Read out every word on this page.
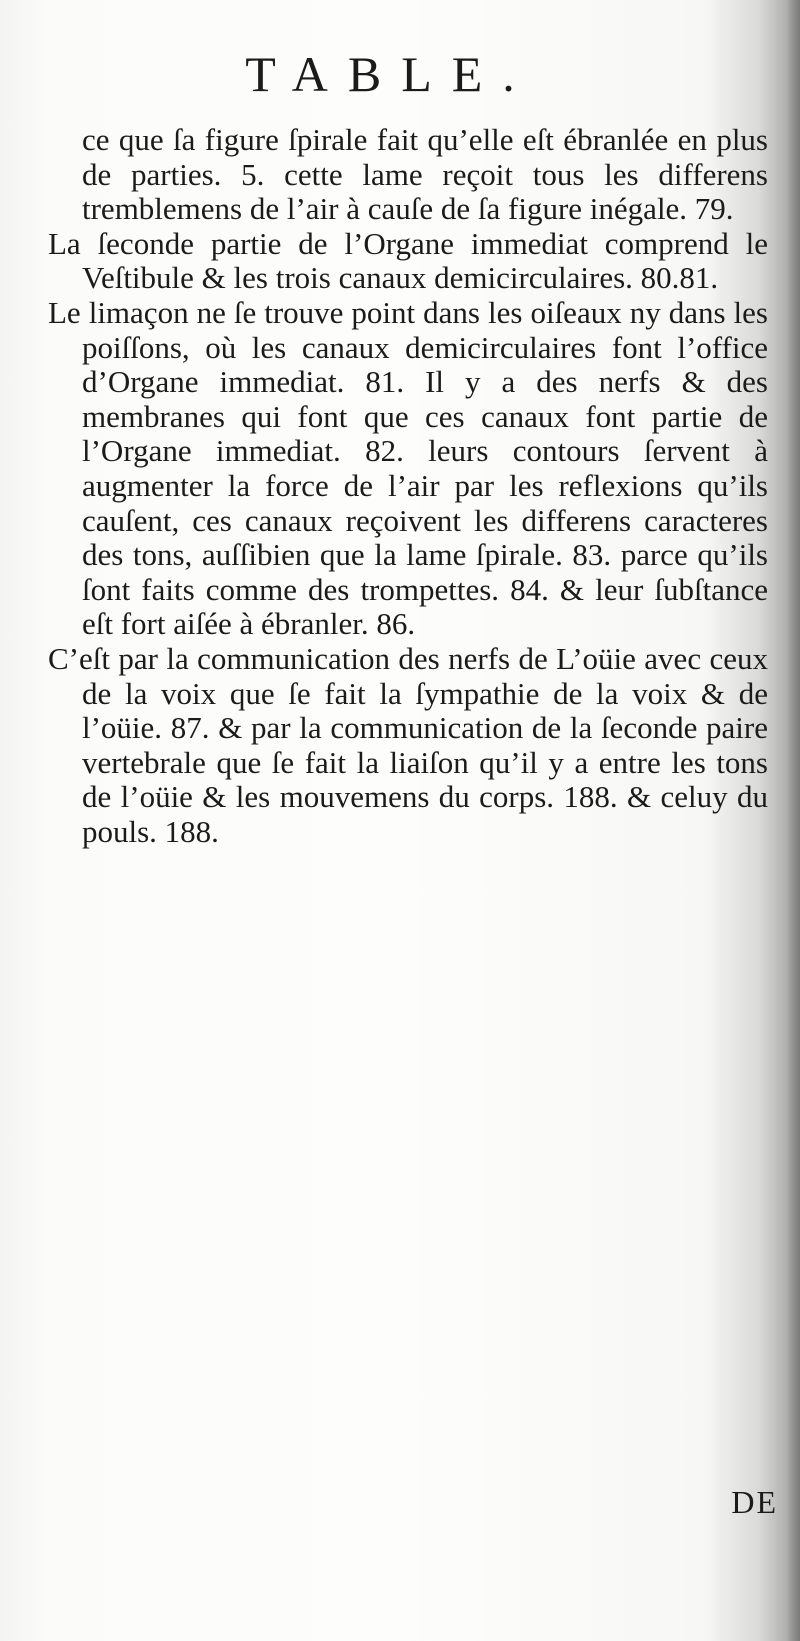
TABLE.

ce que ſa figure ſpirale fait qu’elle eſt ébranlée en plus de parties. 5. cette lame reçoit tous les differens tremblemens de l’air à cauſe de ſa figure inégale. 79.

La ſeconde partie de l’Organe immediat comprend le Veſtibule & les trois canaux demicirculaires. 80.81.

Le limaçon ne ſe trouve point dans les oiſeaux ny dans les poiſſons, où les canaux demicirculaires font l’office d’Organe immediat. 81. Il y a des nerfs & des membranes qui font que ces canaux font partie de l’Organe immediat. 82. leurs contours ſervent à augmenter la force de l’air par les reflexions qu’ils cauſent, ces canaux reçoivent les differens caracteres des tons, auſſibien que la lame ſpirale. 83. parce qu’ils ſont faits comme des trompettes. 84. & leur ſubſtance eſt fort aiſée à ébranler. 86.

C’eſt par la communication des nerfs de L’oüie avec ceux de la voix que ſe fait la ſympathie de la voix & de l’oüie. 87. & par la communication de la ſeconde paire vertebrale que ſe fait la liaiſon qu’il y a entre les tons de l’oüie & les mouvemens du corps. 188. & celuy du pouls. 188.

DE
